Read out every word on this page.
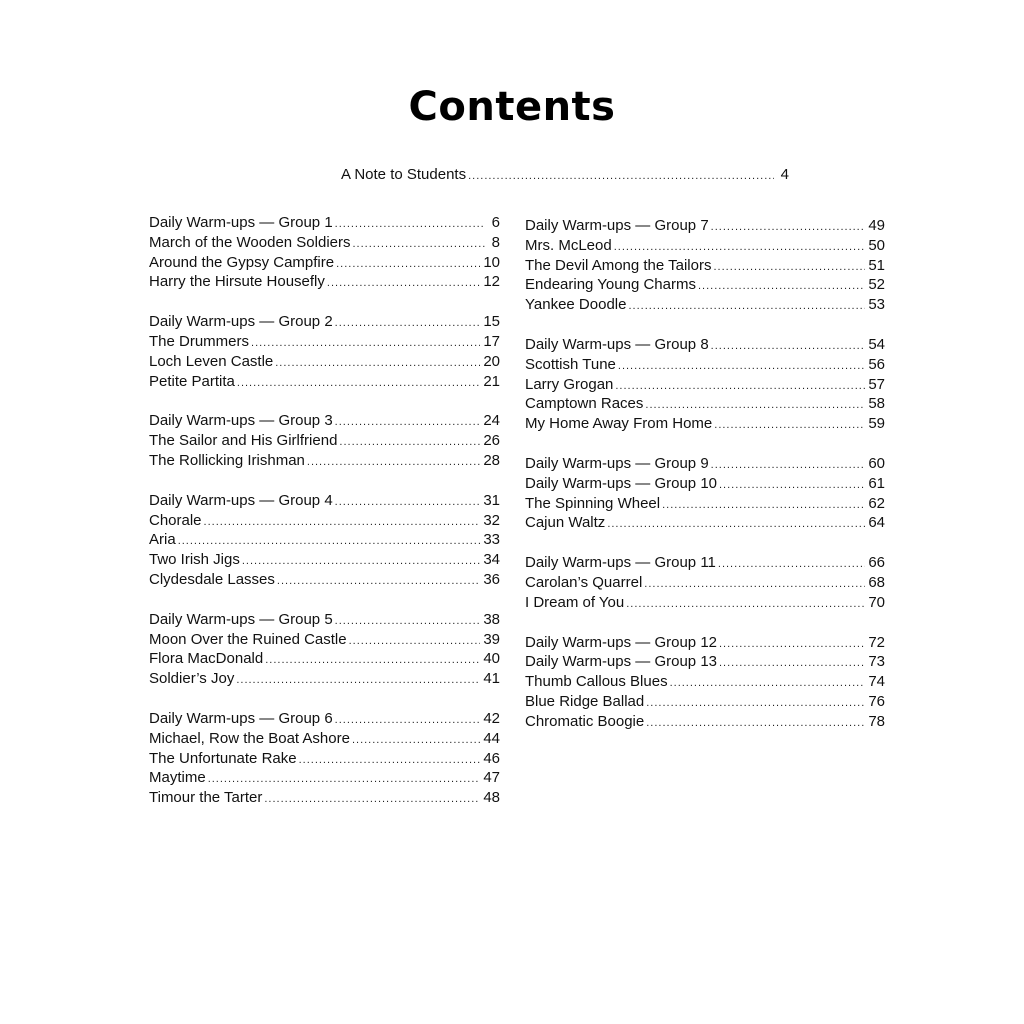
Contents
A Note to Students .....	4
Daily Warm-ups — Group 1 .....	6
March of the Wooden Soldiers .....	8
Around the Gypsy Campfire .....	10
Harry the Hirsute Housefly .....	12
Daily Warm-ups — Group 2 .....	15
The Drummers .....	17
Loch Leven Castle .....	20
Petite Partita .....	21
Daily Warm-ups — Group 3 .....	24
The Sailor and His Girlfriend .....	26
The Rollicking Irishman .....	28
Daily Warm-ups — Group 4 .....	31
Chorale .....	32
Aria .....	33
Two Irish Jigs .....	34
Clydesdale Lasses .....	36
Daily Warm-ups — Group 5 .....	38
Moon Over the Ruined Castle .....	39
Flora MacDonald .....	40
Soldier’s Joy .....	41
Daily Warm-ups — Group 6 .....	42
Michael, Row the Boat Ashore .....	44
The Unfortunate Rake .....	46
Maytime .....	47
Timour the Tarter .....	48
Daily Warm-ups — Group 7 .....	49
Mrs. McLeod .....	50
The Devil Among the Tailors .....	51
Endearing Young Charms .....	52
Yankee Doodle .....	53
Daily Warm-ups — Group 8 .....	54
Scottish Tune .....	56
Larry Grogan .....	57
Camptown Races .....	58
My Home Away From Home .....	59
Daily Warm-ups — Group 9 .....	60
Daily Warm-ups — Group 10 .....	61
The Spinning Wheel .....	62
Cajun Waltz .....	64
Daily Warm-ups — Group 11 .....	66
Carolan’s Quarrel .....	68
I Dream of You .....	70
Daily Warm-ups — Group 12 .....	72
Daily Warm-ups — Group 13 .....	73
Thumb Callous Blues .....	74
Blue Ridge Ballad .....	76
Chromatic Boogie .....	78
